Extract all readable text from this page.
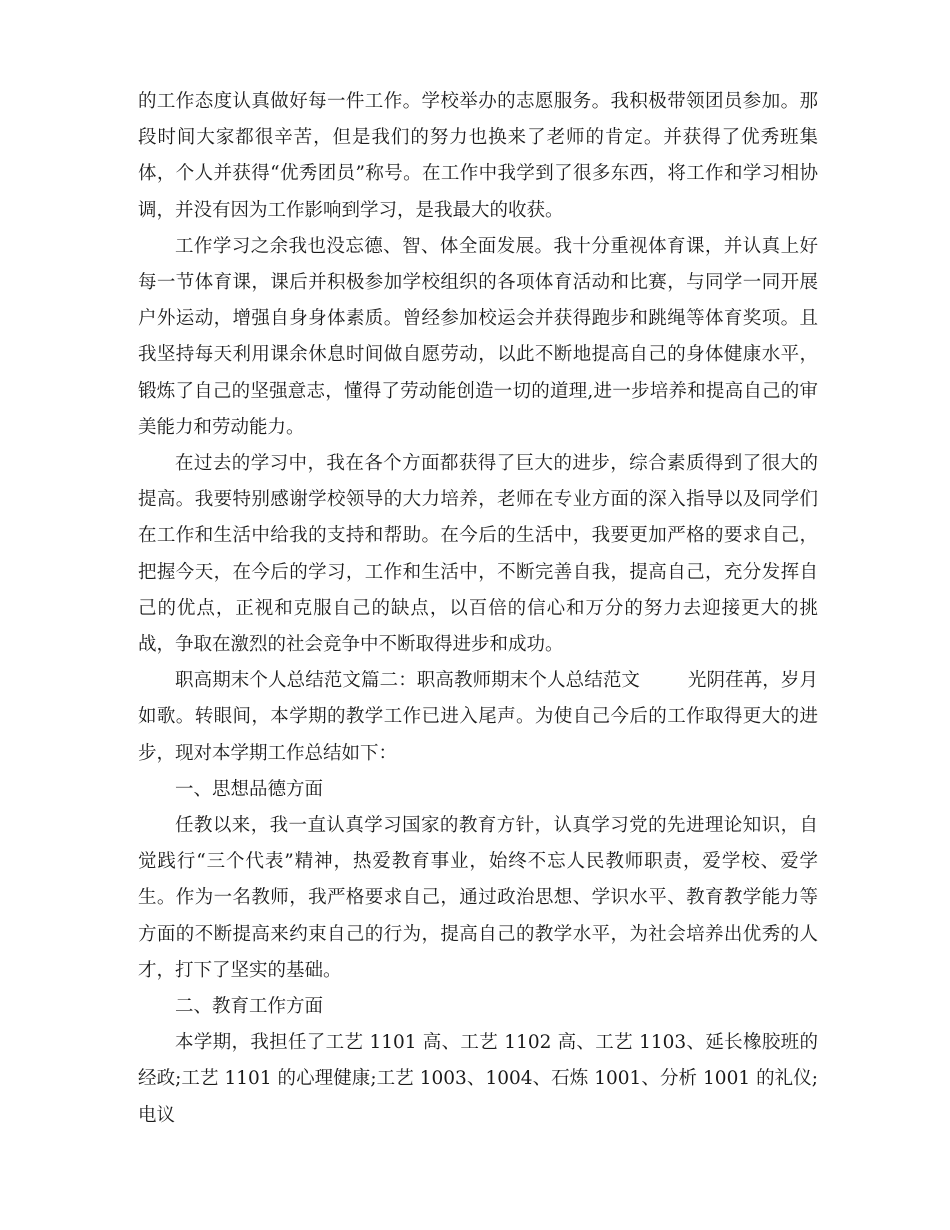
的工作态度认真做好每一件工作。学校举办的志愿服务。我积极带领团员参加。那段时间大家都很辛苦，但是我们的努力也换来了老师的肯定。并获得了优秀班集体，个人并获得“优秀团员”称号。在工作中我学到了很多东西，将工作和学习相协调，并没有因为工作影响到学习，是我最大的收获。

工作学习之余我也没忘德、智、体全面发展。我十分重视体育课，并认真上好每一节体育课，课后并积极参加学校组织的各项体育活动和比赛，与同学一同开展户外运动，增强自身身体素质。曾经参加校运会并获得跑步和跳绳等体育奖项。且我坚持每天利用课余休息时间做自愿劳动，以此不断地提高自己的身体健康水平，锻炼了自己的坚强意志，懂得了劳动能创造一切的道理,进一步培养和提高自己的审美能力和劳动能力。

在过去的学习中，我在各个方面都获得了巨大的进步，综合素质得到了很大的提高。我要特别感谢学校领导的大力培养，老师在专业方面的深入指导以及同学们在工作和生活中给我的支持和帮助。在今后的生活中，我要更加严格的要求自己，把握今天，在今后的学习，工作和生活中，不断完善自我，提高自己，充分发挥自己的优点，正视和克服自己的缺点，以百倍的信心和万分的努力去迎接更大的挑战，争取在激烈的社会竞争中不断取得进步和成功。

职高期末个人总结范文篇二：职高教师期末个人总结范文	光阴荏苒，岁月如歌。转眼间，本学期的教学工作已进入尾声。为使自己今后的工作取得更大的进步，现对本学期工作总结如下：

一、思想品德方面

任教以来，我一直认真学习国家的教育方针，认真学习党的先进理论知识，自觉践行“三个代表”精神，热爱教育事业，始终不忘人民教师职责，爱学校、爱学生。作为一名教师，我严格要求自己，通过政治思想、学识水平、教育教学能力等方面的不断提高来约束自己的行为，提高自己的教学水平，为社会培养出优秀的人才，打下了坚实的基础。

二、教育工作方面

本学期，我担任了工艺 1101 高、工艺 1102 高、工艺 1103、延长橡胶班的经政;工艺 1101 的心理健康;工艺 1003、1004、石炼 1001、分析 1001 的礼仪;电议
